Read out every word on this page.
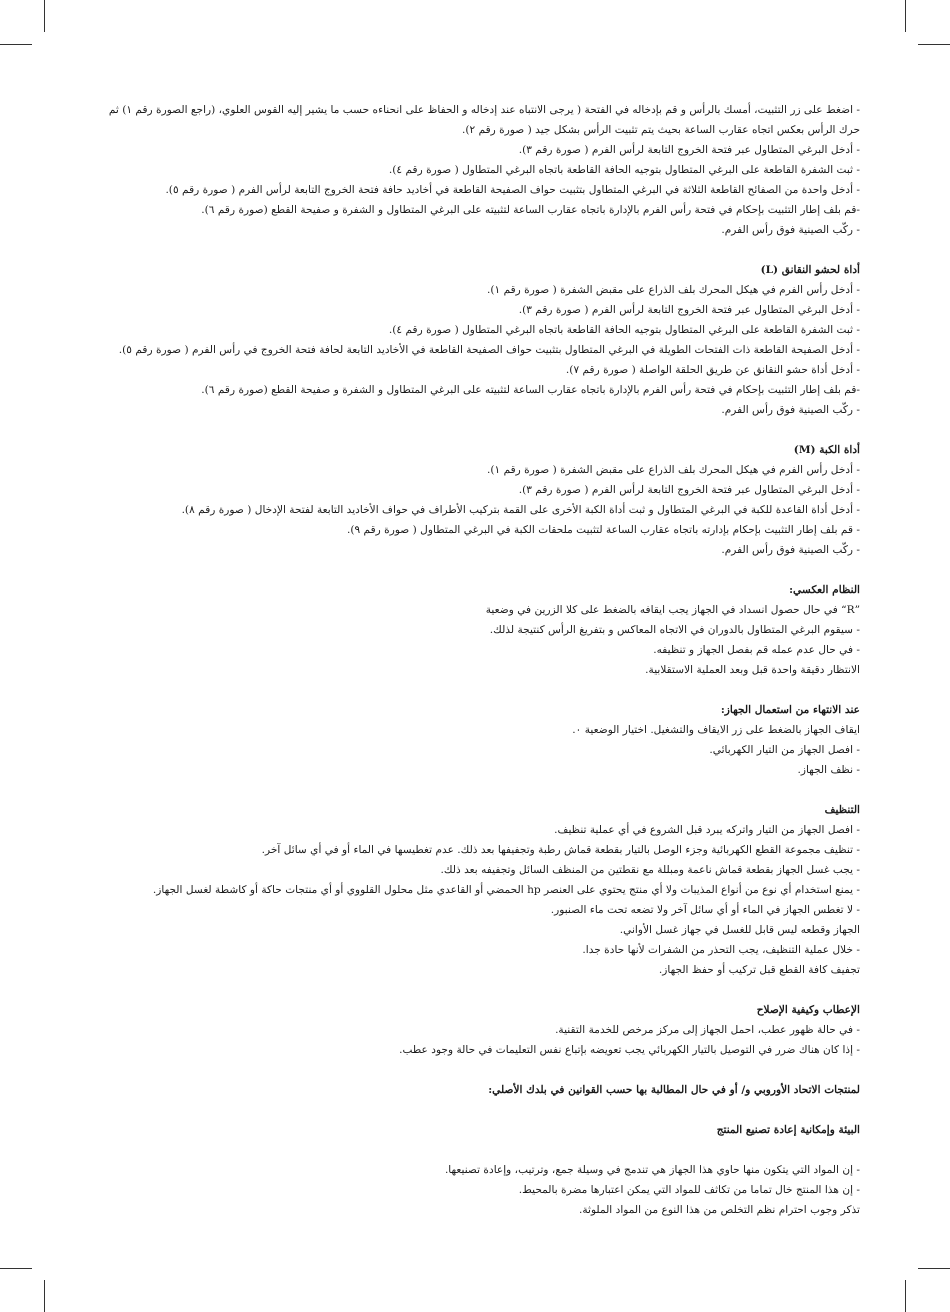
- اضغط على زر التثبيت، أمسك بالرأس و قم بإدخاله في الفتحة ( يرجى الانتباه عند إدخاله و الحفاظ على انحناءه حسب ما يشير إليه القوس العلوي، (راجع الصورة رقم ١) ثم حرك الرأس بعكس اتجاه عقارب الساعة بحيث يتم تثبيت الرأس بشكل جيد ( صورة رقم ٢).
- أدخل البرغي المتطاول عبر فتحة الخروج التابعة لرأس الفرم ( صورة رقم ٣).
- ثبت الشفرة القاطعة على البرغي المتطاول بتوجيه الحافة القاطعة باتجاه البرغي المتطاول ( صورة رقم ٤).
- أدخل واحدة من الصفائح القاطعة الثلاثة في البرغي المتطاول بتثبيت حواف الصفيحة القاطعة في أخاديد حافة فتحة الخروج التابعة لرأس الفرم ( صورة رقم ٥).
-قم بلف إطار التثبيت بإحكام في فتحة رأس الفرم بالإدارة باتجاه عقارب الساعة لتثبيته على البرغي المتطاول و الشفرة و صفيحة القطع (صورة رقم ٦).
- ركّب الصينية فوق رأس الفرم.
أداة لحشو النقانق (L)
- أدخل رأس الفرم في هيكل المحرك بلف الذراع على مقبض الشفرة ( صورة رقم ١).
- أدخل البرغي المتطاول عبر فتحة الخروج التابعة لرأس الفرم ( صورة رقم ٣).
- ثبت الشفرة القاطعة على البرغي المتطاول بتوجيه الحافة القاطعة باتجاه البرغي المتطاول ( صورة رقم ٤).
- أدخل الصفيحة القاطعة ذات الفتحات الطويلة في البرغي المتطاول بتثبيت حواف الصفيحة القاطعة في الأخاديد التابعة لحافة فتحة الخروج في رأس الفرم ( صورة رقم ٥).
- أدخل أداة حشو النقانق عن طريق الحلقة الواصلة ( صورة رقم ٧).
-قم بلف إطار التثبيت بإحكام في فتحة رأس الفرم بالإدارة باتجاه عقارب الساعة لتثبيته على البرغي المتطاول و الشفرة و صفيحة القطع (صورة رقم ٦).
- ركّب الصينية فوق رأس الفرم.
أداة الكبة (M)
- أدخل رأس الفرم في هيكل المحرك بلف الذراع على مقبض الشفرة ( صورة رقم ١).
- أدخل البرغي المتطاول عبر فتحة الخروج التابعة لرأس الفرم ( صورة رقم ٣).
- أدخل أداة القاعدة للكبة في البرغي المتطاول و ثبت أداة الكبة الأخرى على القمة بتركيب الأطراف في حواف الأخاديد التابعة لفتحة الإدخال ( صورة رقم ٨).
- قم بلف إطار التثبيت بإحكام بإدارته باتجاه عقارب الساعة لتثبيت ملحقات الكبة في البرغي المتطاول ( صورة رقم ٩).
- ركّب الصينية فوق رأس الفرم.
النظام العكسي:
”R“ في حال حصول انسداد في الجهاز يجب ايقافه بالضغط على كلا الزرين في وضعية
- سيقوم البرغي المتطاول بالدوران في الاتجاه المعاكس و بتفريغ الرأس كنتيجة لذلك.
- في حال عدم عمله قم بفصل الجهاز و تنظيفه.
الانتظار دقيقة واحدة قبل وبعد العملية الاستقلابية.
عند الانتهاء من استعمال الجهاز:
ايقاف الجهاز بالضغط على زر الايقاف والتشغيل. اختيار الوضعية ٠.
- افصل الجهاز من التيار الكهربائي.
- نظف الجهاز.
التنظيف
- افصل الجهاز من التيار واتركه يبرد قبل الشروع في أي عملية تنظيف.
- تنظيف مجموعة القطع الكهربائية وجزء الوصل بالتيار بقطعة قماش رطبة وتجفيفها بعد ذلك. عدم تغطيسها في الماء أو في أي سائل آخر.
- يجب غسل الجهاز بقطعة قماش ناعمة ومبللة مع نقطتين من المنظف السائل وتجفيفه بعد ذلك.
- يمنع استخدام أي نوع من أنواع المذيبات ولا أي منتج يحتوي على العنصر hp الحمضي أو القاعدي مثل محلول القلووي أو أي منتجات حاكة أو كاشطة لغسل الجهاز.
- لا تغطس الجهاز في الماء أو أي سائل آخر ولا تضعه تحت ماء الصنبور.
الجهاز وقطعه ليس قابل للغسل في جهاز غسل الأواني.
- خلال عملية التنظيف، يجب التحذر من الشفرات لأنها حادة جدا.
تجفيف كافة القطع قبل تركيب أو حفظ الجهاز.
الإعطاب وكيفية الإصلاح
- في حالة ظهور عطب، احمل الجهاز إلى مركز مرخص للخدمة التقنية.
- إذا كان هناك ضرر في التوصيل بالتيار الكهربائي يجب تعويضه بإتباع نفس التعليمات في حالة وجود عطب.
لمنتجات الاتحاد الأوروبي و/ أو في حال المطالبة بها حسب القوانين في بلدك الأصلي:
البيئة وإمكانية إعادة تصنيع المنتج

- إن المواد التي يتكون منها حاوي هذا الجهاز هي تندمج في وسيلة جمع، وترتيب، وإعادة تصنيعها.
- إن هذا المنتج خال تماما من تكاثف للمواد التي يمكن اعتبارها مضرة بالمحيط.
تذكر وجوب احترام نظم التخلص من هذا النوع من المواد الملوثة.
